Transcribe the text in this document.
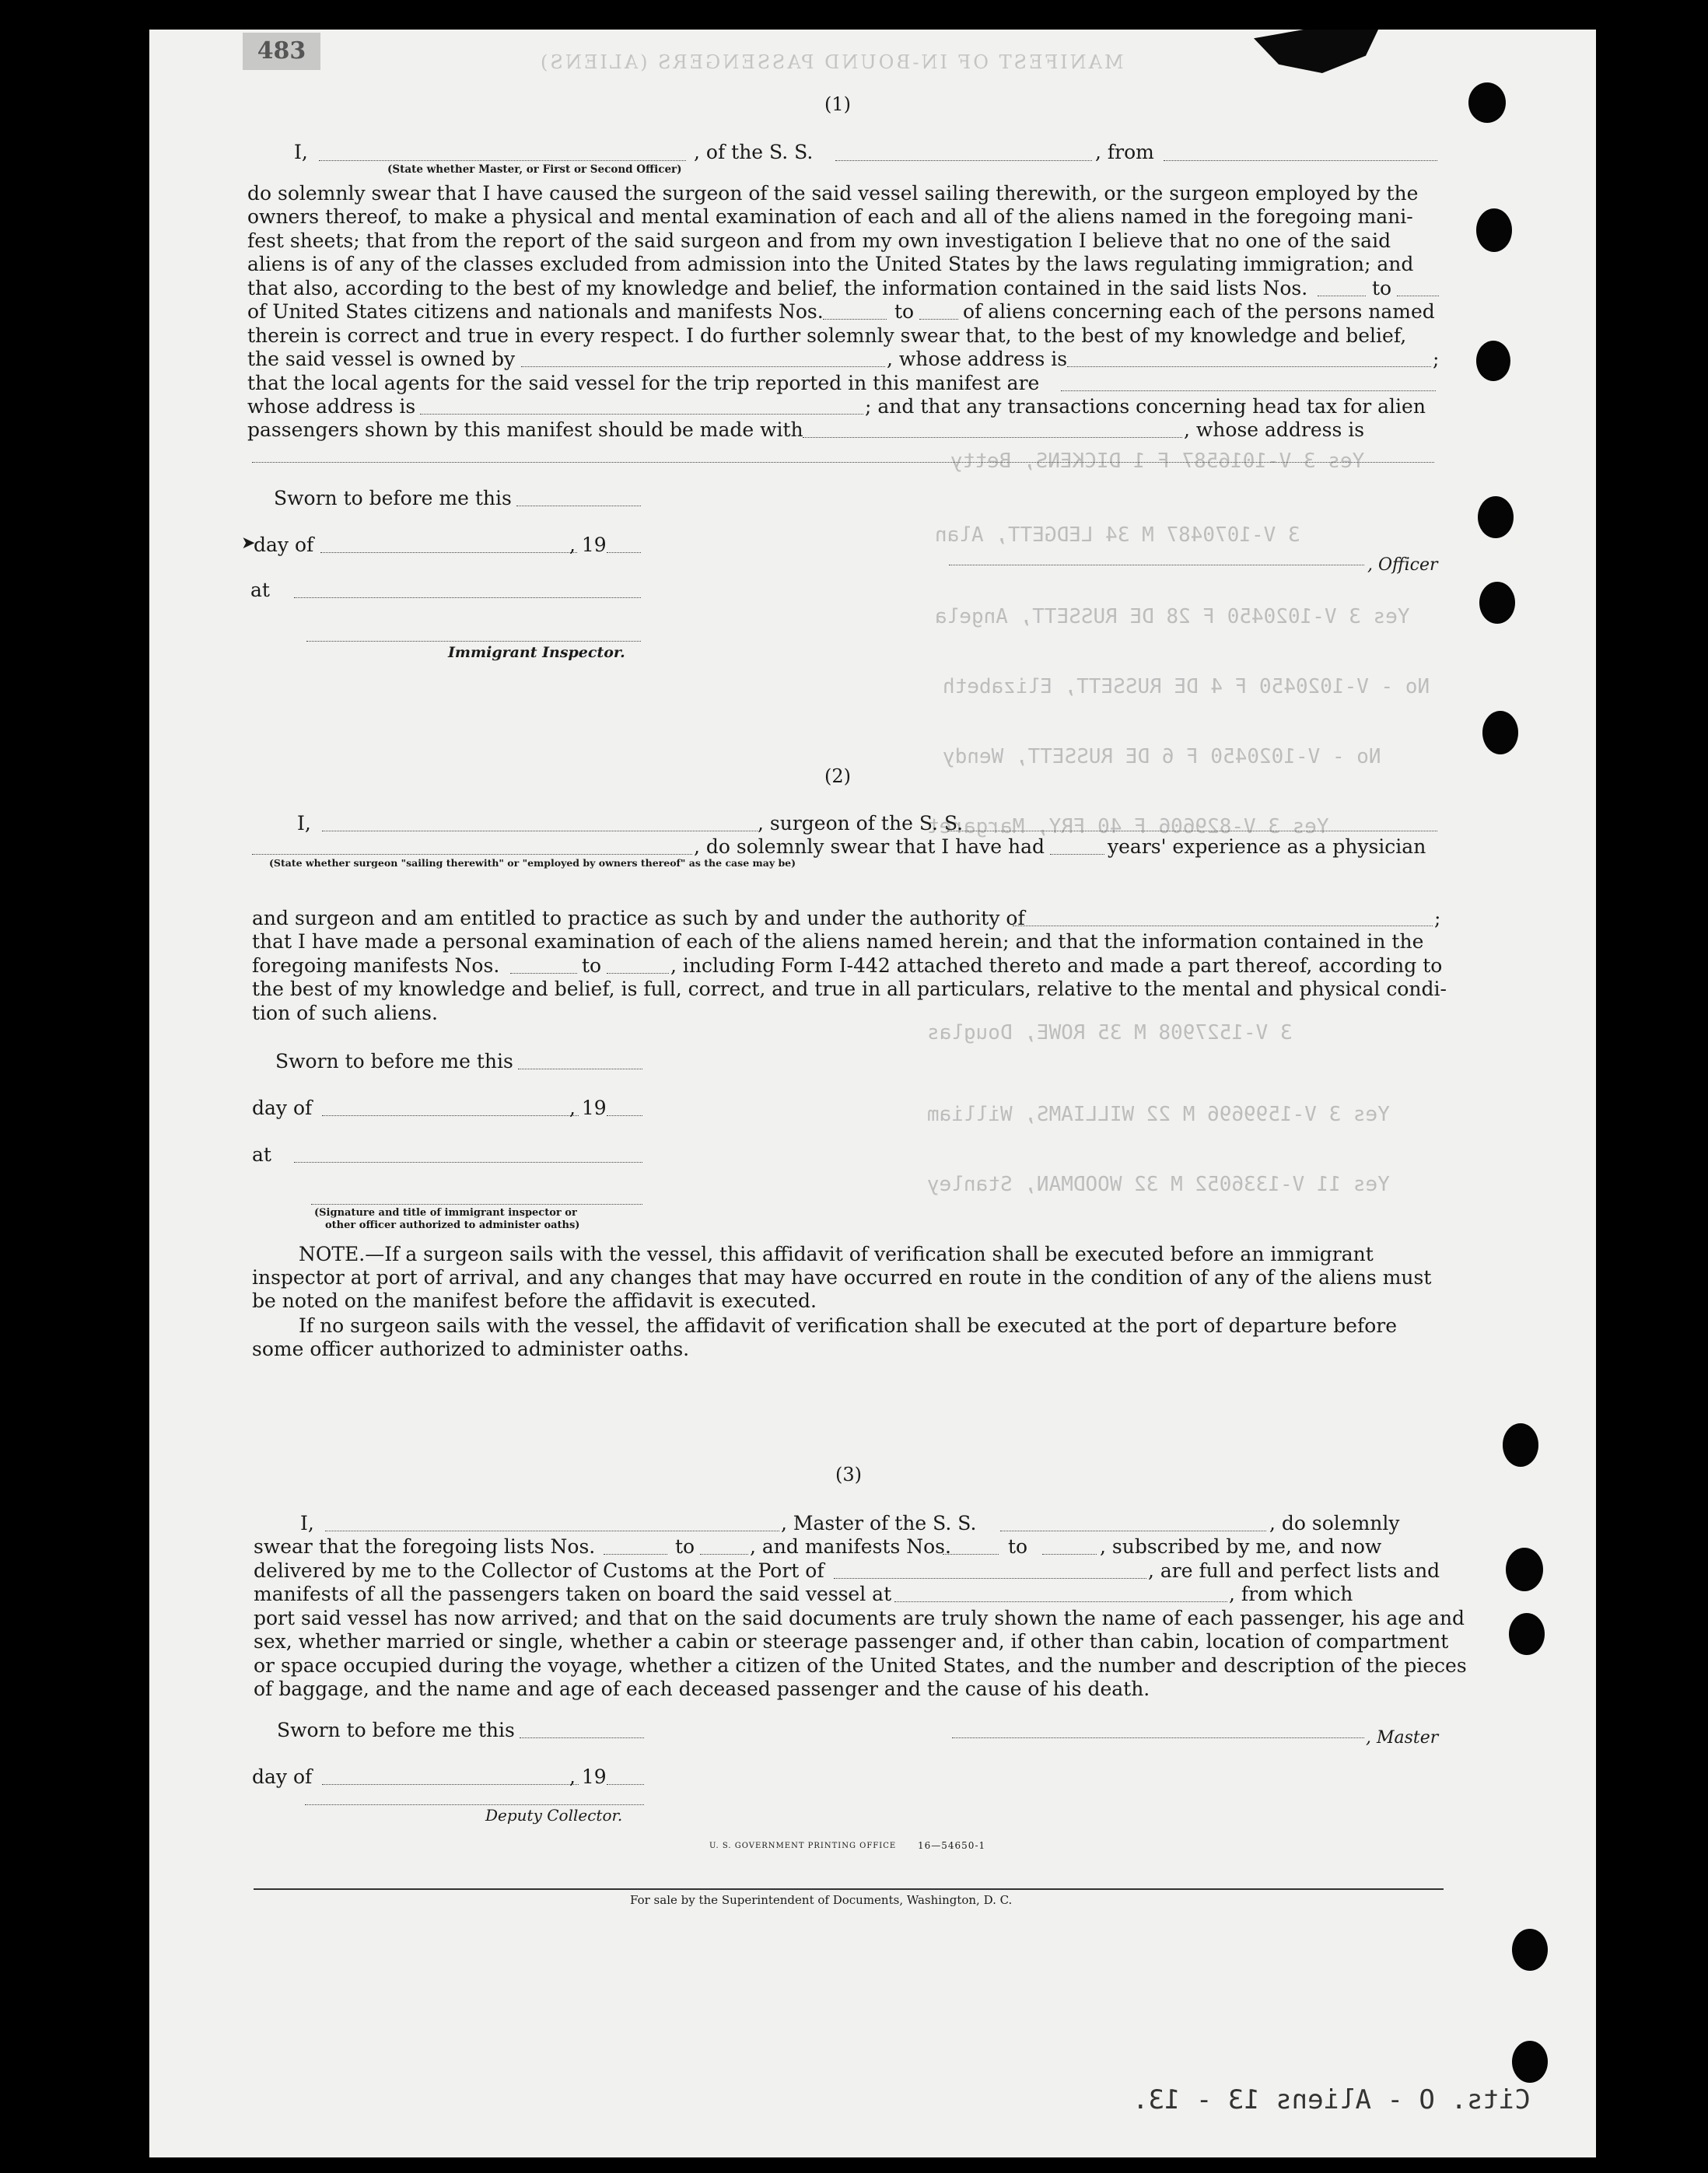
Yes 3 V-1016587 F 1 DICKENS, Betty
3 V-1070487 M 34 LEDGETT, Alan
Yes 3 V-1020450 F 28 DE RUSSETT, Angela
No - V-1020450 F 4 DE RUSSETT, Elizabeth
No - V-1020450 F 6 DE RUSSETT, Wendy
Yes 3 V-829606 F 40 FRY, Margaret
3 V-1527908 M 35 ROWE, Douglas
Yes 3 V-1599696 M 22 WILLIAMS, William
Yes 11 V-1336052 M 32 WOODMAN, Stanley
483	MANIFEST OF IN-BOUND PASSENGERS (ALIENS)
(1)
I,	, of the S. S.	, from
(State whether Master, or First or Second Officer)
do solemnly swear that I have caused the surgeon of the said vessel sailing therewith, or the surgeon employed by the
owners thereof, to make a physical and mental examination of each and all of the aliens named in the foregoing mani-
fest sheets; that from the report of the said surgeon and from my own investigation I believe that no one of the said
aliens is of any of the classes excluded from admission into the United States by the laws regulating immigration; and
that also, according to the best of my knowledge and belief, the information contained in the said lists Nos.	to
of United States citizens and nationals and manifests Nos.	to	of aliens concerning each of the persons named
therein is correct and true in every respect. I do further solemnly swear that, to the best of my knowledge and belief,
the said vessel is owned by	, whose address is	;
that the local agents for the said vessel for the trip reported in this manifest are
whose address is	; and that any transactions concerning head tax for alien
passengers shown by this manifest should be made with	, whose address is
Sworn to before me this
, Officer
➤
day of	, 19
at
Immigrant Inspector.
(2)
I,	, surgeon of the S. S.
, do solemnly swear that I have had	years' experience as a physician
(State whether surgeon "sailing therewith" or "employed by owners thereof" as the case may be)
and surgeon and am entitled to practice as such by and under the authority of	;
that I have made a personal examination of each of the aliens named herein; and that the information contained in the
foregoing manifests Nos.	to	, including Form I-442 attached thereto and made a part thereof, according to
the best of my knowledge and belief, is full, correct, and true in all particulars, relative to the mental and physical condi-
tion of such aliens.
Sworn to before me this
day of	, 19
at
(Signature and title of immigrant inspector or
other officer authorized to administer oaths)
NOTE.—If a surgeon sails with the vessel, this affidavit of verification shall be executed before an immigrant
inspector at port of arrival, and any changes that may have occurred en route in the condition of any of the aliens must
be noted on the manifest before the affidavit is executed.
If no surgeon sails with the vessel, the affidavit of verification shall be executed at the port of departure before
some officer authorized to administer oaths.
(3)
I,	, Master of the S. S.	, do solemnly
swear that the foregoing lists Nos.	to	, and manifests Nos.	to	, subscribed by me, and now
delivered by me to the Collector of Customs at the Port of	, are full and perfect lists and
manifests of all the passengers taken on board the said vessel at	, from which
port said vessel has now arrived; and that on the said documents are truly shown the name of each passenger, his age and
sex, whether married or single, whether a cabin or steerage passenger and, if other than cabin, location of compartment
or space occupied during the voyage, whether a citizen of the United States, and the number and description of the pieces
of baggage, and the name and age of each deceased passenger and the cause of his death.
Sworn to before me this	, Master
day of	, 19
Deputy Collector.
U. S. GOVERNMENT PRINTING OFFICE 16—54650-1
For sale by the Superintendent of Documents, Washington, D. C.
Cits. O - Aliens 13 - 13.
